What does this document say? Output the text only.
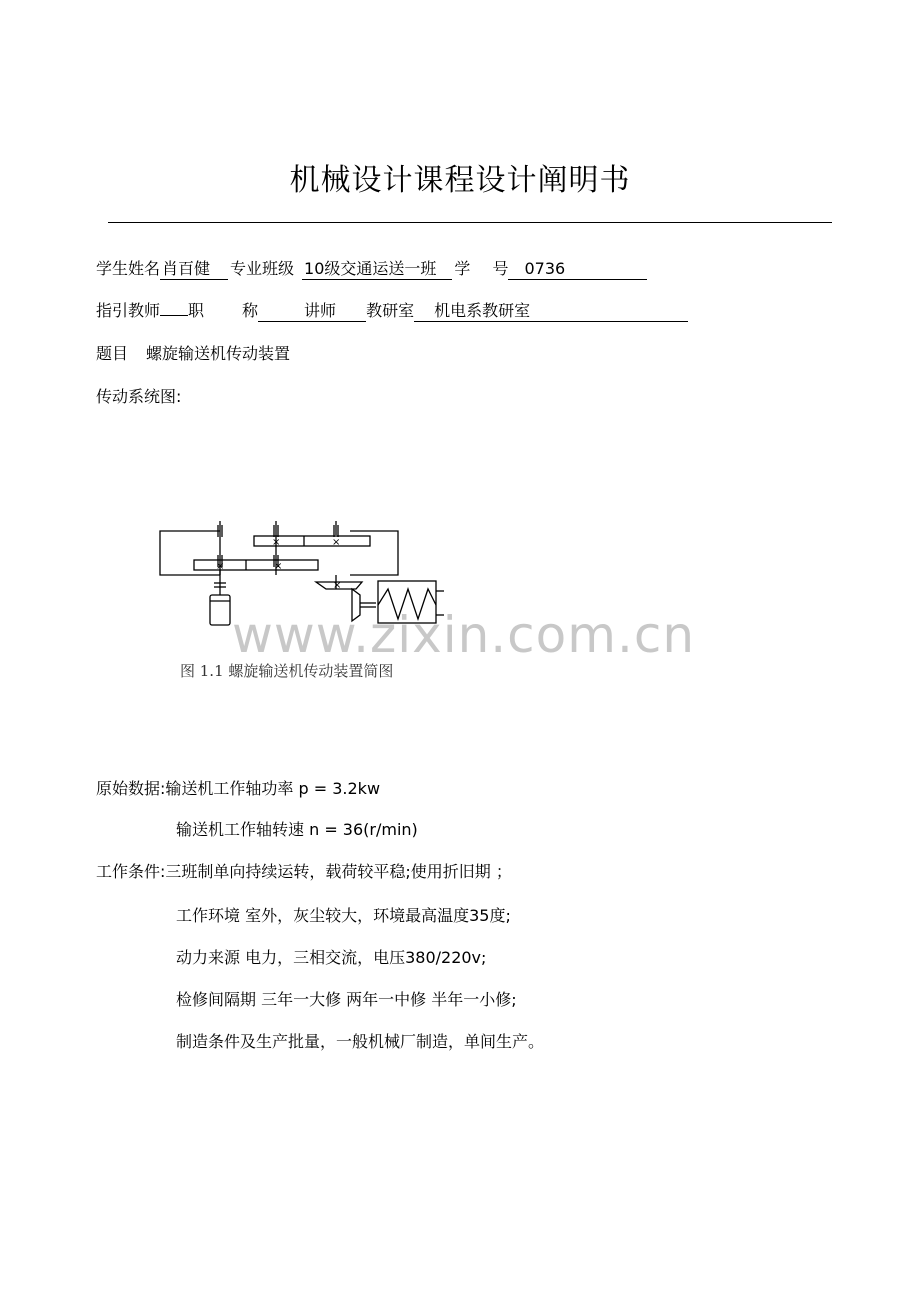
机械设计课程设计阐明书
学生姓名 肖百健 专业班级 10级交通运送一班 学 号 0736
指引教师 职 称	讲师 教研室 机电系教研室
题目 螺旋输送机传动装置
传动系统图:
×	×
×	×
×
www.zixin.com.cn
图 1.1 螺旋输送机传动装置简图
原始数据:输送机工作轴功率 p = 3.2kw
输送机工作轴转速 n = 36(r/min)
工作条件:三班制单向持续运转，载荷较平稳;使用折旧期 ；
工作环境 室外，灰尘较大，环境最高温度35度;
动力来源 电力，三相交流，电压380/220v;
检修间隔期 三年一大修 两年一中修 半年一小修;
制造条件及生产批量，一般机械厂制造，单间生产。
